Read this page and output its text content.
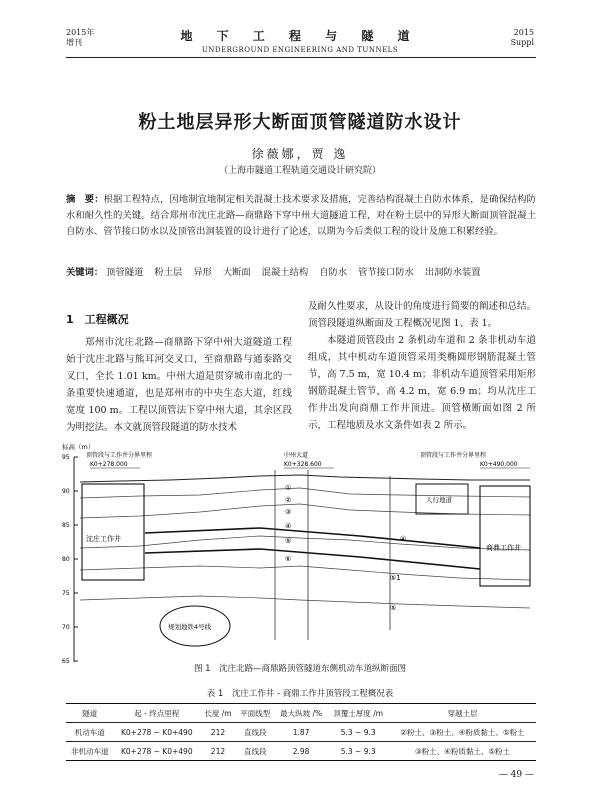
2015年
增刊	地 下 工 程 与 隧 道
UNDERGROUND ENGINEERING AND TUNNELS
2015
Suppl
粉土地层异形大断面顶管隧道防水设计
徐薇娜，贾 逸
（上海市隧道工程轨道交通设计研究院）
摘　要：根据工程特点，因地制宜地制定相关混凝土技术要求及措施，完善结构混凝土自防水体系，是确保结构防水和耐久性的关键。结合郑州市沈庄北路—商鼎路下穿中州大道隧道工程，对在粉土层中的异形大断面顶管混凝土自防水、管节接口防水以及顶管出洞装置的设计进行了论述，以期为今后类似工程的设计及施工积累经验。
关键词： 顶管隧道 粉土层 异形 大断面 混凝土结构 自防水 管节接口防水 出洞防水装置
1　工程概况

郑州市沈庄北路—商鼎路下穿中州大道隧道工程始于沈庄北路与熊耳河交叉口，至商鼎路与通泰路交叉口，全长 1.01 km。中州大道是贯穿城市南北的一条重要快速通道，也是郑州市的中央生态大道，红线宽度 100 m。工程以顶管法下穿中州大道，其余区段为明挖法。本文就顶管段隧道的防水技术

及耐久性要求，从设计的角度进行简要的阐述和总结。顶管段隧道纵断面及工程概况见图 1、表 1。

本隧道顶管段由 2 条机动车道和 2 条非机动车道组成，其中机动车道顶管采用类椭圆形钢筋混凝土管节，高 7.5 m，宽 10.4 m；非机动车道顶管采用矩形钢筋混凝土管节，高 4.2 m，宽 6.9 m；均从沈庄工作井出发向商鼎工作井顶进。顶管横断面如图 2 所示，工程地质及水文条件如表 2 所示。

标高（m）
95
90
85
80
75
70
65
顶管段与工作井分界里程
K0+278.000
中州大道
K0+328.600
顶管段与工作井分界里程
K0+490.000
沈庄工作井
商鼎工作井
人行地道
规划地铁4号线
①
②
③
④
⑤
⑥
④
⑤1
⑤
图 1　沈庄北路—商鼎路顶管隧道东侧机动车道纵断面图
表 1　沈庄工作井 - 商鼎工作井顶管段工程概况表
隧道	起 - 终点里程	长度 /m	平面线型	最大纵坡 /%	顶覆土厚度 /m	穿越土层
机动车道	K0+278 ~ K0+490	212	直线段	1.87	5.3 ~ 9.3	②粉土、③粉土、④粉质黏土、⑤粉土
非机动车道	K0+278 ~ K0+490	212	直线段	2.98	5.3 ~ 9.3	③粉土、④粉质黏土、⑤粉土
— 49 —
